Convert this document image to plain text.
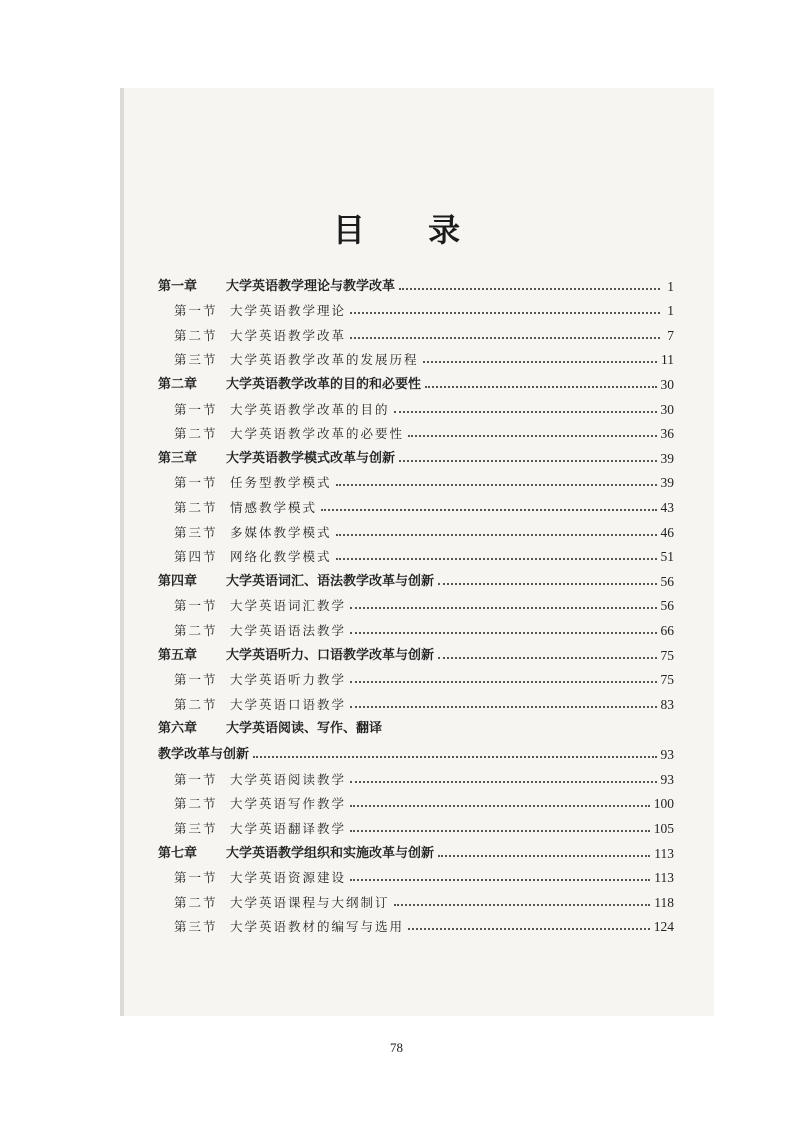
目 录
第一章	大学英语教学理论与教学改革	1
第一节 大学英语教学理论	1
第二节 大学英语教学改革	7
第三节 大学英语教学改革的发展历程	11
第二章	大学英语教学改革的目的和必要性	30
第一节 大学英语教学改革的目的	30
第二节 大学英语教学改革的必要性	36
第三章	大学英语教学模式改革与创新	39
第一节 任务型教学模式	39
第二节 情感教学模式	43
第三节 多媒体教学模式	46
第四节 网络化教学模式	51
第四章	大学英语词汇、语法教学改革与创新	56
第一节 大学英语词汇教学	56
第二节 大学英语语法教学	66
第五章	大学英语听力、口语教学改革与创新	75
第一节 大学英语听力教学	75
第二节 大学英语口语教学	83
第六章	大学英语阅读、写作、翻译
教学改革与创新	93
第一节 大学英语阅读教学	93
第二节 大学英语写作教学	100
第三节 大学英语翻译教学	105
第七章	大学英语教学组织和实施改革与创新	113
第一节 大学英语资源建设	113
第二节 大学英语课程与大纲制订	118
第三节 大学英语教材的编写与选用	124
78
